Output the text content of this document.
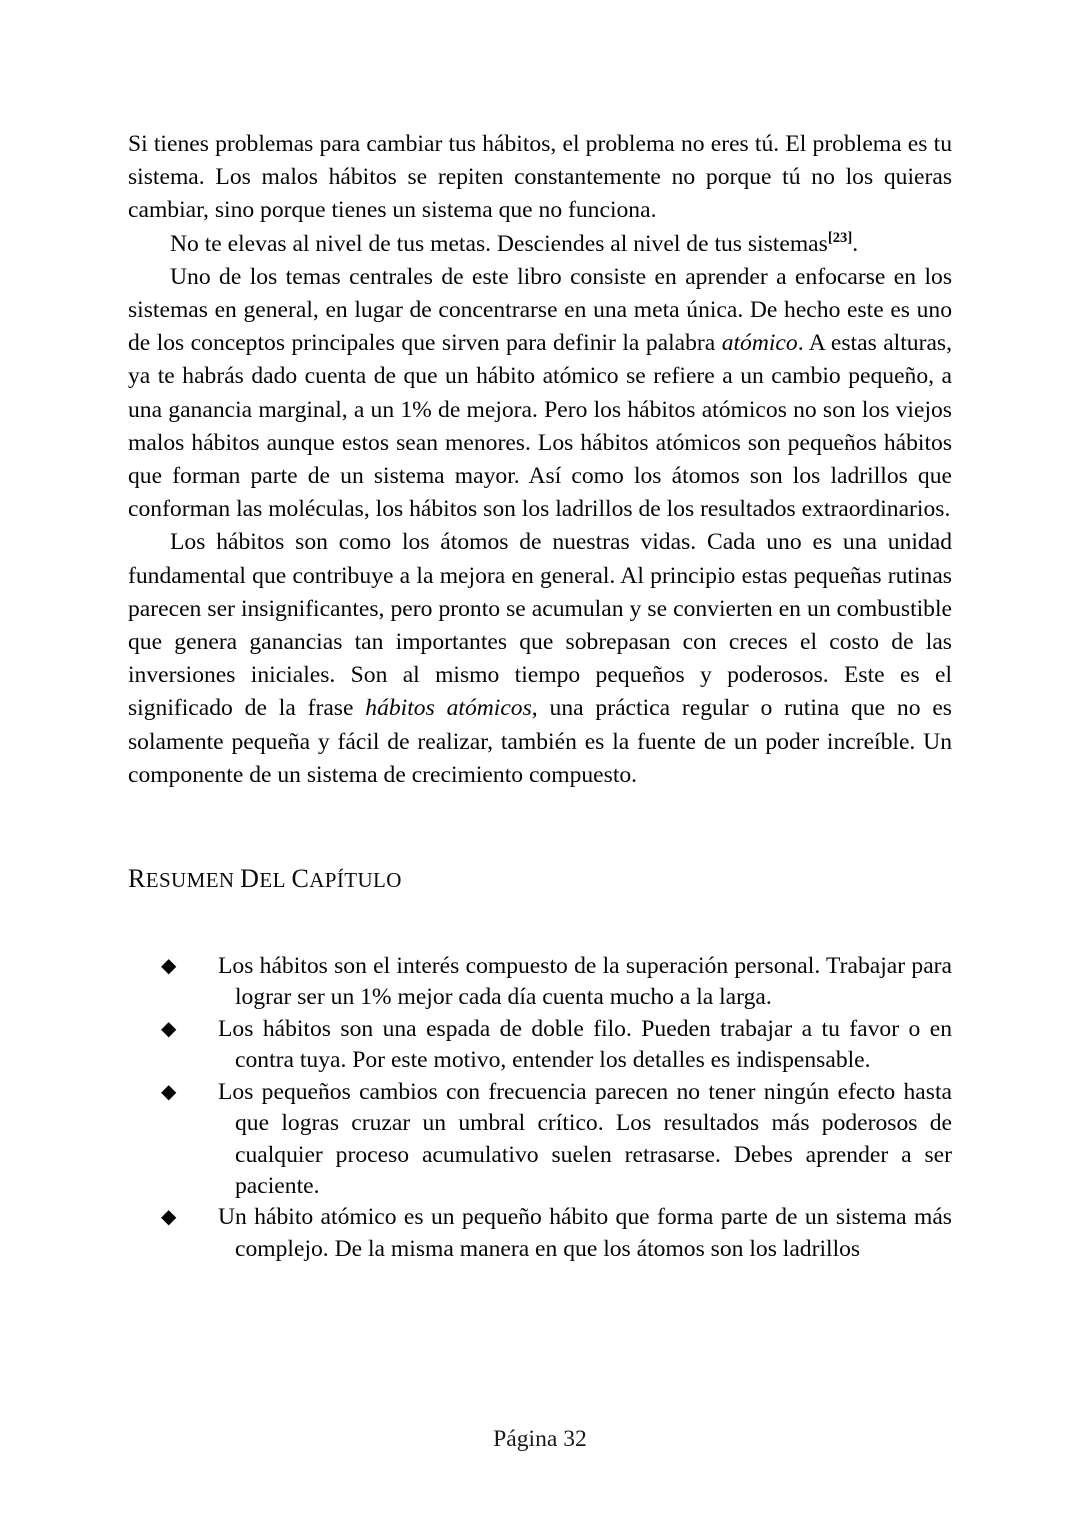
Si tienes problemas para cambiar tus hábitos, el problema no eres tú. El problema es tu sistema. Los malos hábitos se repiten constantemente no porque tú no los quieras cambiar, sino porque tienes un sistema que no funciona.

No te elevas al nivel de tus metas. Desciendes al nivel de tus sistemas[23].

Uno de los temas centrales de este libro consiste en aprender a enfocarse en los sistemas en general, en lugar de concentrarse en una meta única. De hecho este es uno de los conceptos principales que sirven para definir la palabra atómico. A estas alturas, ya te habrás dado cuenta de que un hábito atómico se refiere a un cambio pequeño, a una ganancia marginal, a un 1% de mejora. Pero los hábitos atómicos no son los viejos malos hábitos aunque estos sean menores. Los hábitos atómicos son pequeños hábitos que forman parte de un sistema mayor. Así como los átomos son los ladrillos que conforman las moléculas, los hábitos son los ladrillos de los resultados extraordinarios.

Los hábitos son como los átomos de nuestras vidas. Cada uno es una unidad fundamental que contribuye a la mejora en general. Al principio estas pequeñas rutinas parecen ser insignificantes, pero pronto se acumulan y se convierten en un combustible que genera ganancias tan importantes que sobrepasan con creces el costo de las inversiones iniciales. Son al mismo tiempo pequeños y poderosos. Este es el significado de la frase hábitos atómicos, una práctica regular o rutina que no es solamente pequeña y fácil de realizar, también es la fuente de un poder increíble. Un componente de un sistema de crecimiento compuesto.

RESUMEN DEL CAPÍTULO
◆ Los hábitos son el interés compuesto de la superación personal. Trabajar para lograr ser un 1% mejor cada día cuenta mucho a la larga.
◆ Los hábitos son una espada de doble filo. Pueden trabajar a tu favor o en contra tuya. Por este motivo, entender los detalles es indispensable.
◆ Los pequeños cambios con frecuencia parecen no tener ningún efecto hasta que logras cruzar un umbral crítico. Los resultados más poderosos de cualquier proceso acumulativo suelen retrasarse. Debes aprender a ser paciente.
◆ Un hábito atómico es un pequeño hábito que forma parte de un sistema más complejo. De la misma manera en que los átomos son los ladrillos
Página 32
